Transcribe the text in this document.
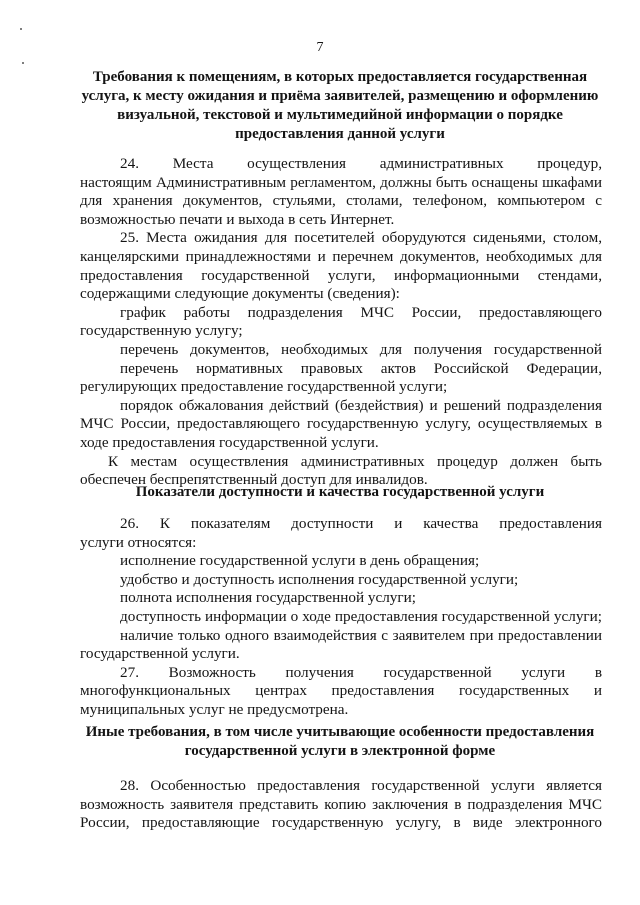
7
Требования к помещениям, в которых предоставляется государственная
услуга, к месту ожидания и приёма заявителей, размещению и оформлению
визуальной, текстовой и мультимедийной информации о порядке
предоставления данной услуги
24. Места осуществления административных процедур,
настоящим Административным регламентом, должны быть оснащены шкафами
для хранения документов, стульями, столами, телефоном, компьютером с
возможностью печати и выхода в сеть Интернет.
25. Места ожидания для посетителей оборудуются сиденьями, столом,
канцелярскими принадлежностями и перечнем документов, необходимых для
предоставления государственной услуги, информационными стендами,
содержащими следующие документы (сведения):
график работы подразделения МЧС России, предоставляющего
государственную услугу;
перечень документов, необходимых для получения государственной
перечень нормативных правовых актов Российской Федерации,
регулирующих предоставление государственной услуги;
порядок обжалования действий (бездействия) и решений подразделения
МЧС России, предоставляющего государственную услугу, осуществляемых в
ходе предоставления государственной услуги.
К местам осуществления административных процедур должен быть
обеспечен беспрепятственный доступ для инвалидов.
Показатели доступности и качества государственной услуги
26. К показателям доступности и качества предоставления
услуги относятся:
исполнение государственной услуги в день обращения;
удобство и доступность исполнения государственной услуги;
полнота исполнения государственной услуги;
доступность информации о ходе предоставления государственной услуги;
наличие только одного взаимодействия с заявителем при предоставлении
государственной услуги.
27. Возможность получения государственной услуги в
многофункциональных центрах предоставления государственных и
муниципальных услуг не предусмотрена.
Иные требования, в том числе учитывающие особенности предоставления
государственной услуги в электронной форме
28. Особенностью предоставления государственной услуги является
возможность заявителя представить копию заключения в подразделения МЧС
России, предоставляющие государственную услугу, в виде электронного
